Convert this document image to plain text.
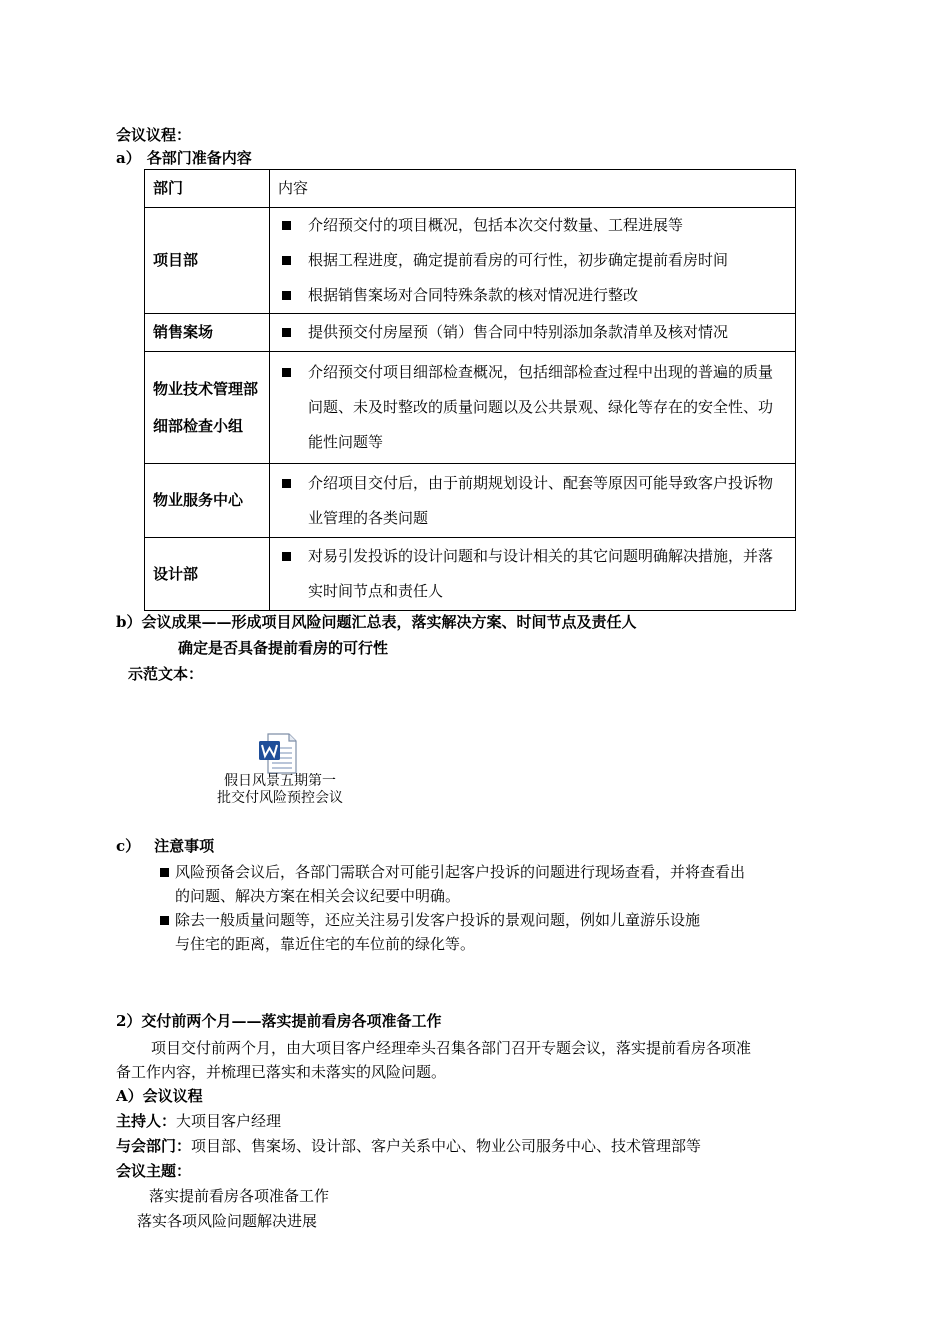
会议议程：
a） 各部门准备内容
部门	内容
项目部	介绍预交付的项目概况，包括本次交付数量、工程进展等
根据工程进度，确定提前看房的可行性，初步确定提前看房时间
根据销售案场对合同特殊条款的核对情况进行整改

销售案场	提供预交付房屋预（销）售合同中特别添加条款清单及核对情况

物业技术管理部细部检查小组	介绍预交付项目细部检查概况，包括细部检查过程中出现的普遍的质量问题、未及时整改的质量问题以及公共景观、绿化等存在的安全性、功能性问题等

物业服务中心	介绍项目交付后，由于前期规划设计、配套等原因可能导致客户投诉物业管理的各类问题

设计部	对易引发投诉的设计问题和与设计相关的其它问题明确解决措施，并落实时间节点和责任人
b）会议成果——形成项目风险问题汇总表，落实解决方案、时间节点及责任人
确定是否具备提前看房的可行性
示范文本：
假日风景五期第一
批交付风险预控会议
c） 注意事项
风险预备会议后，各部门需联合对可能引起客户投诉的问题进行现场查看，并将查看出
的问题、解决方案在相关会议纪要中明确。
除去一般质量问题等，还应关注易引发客户投诉的景观问题，例如儿童游乐设施
与住宅的距离，靠近住宅的车位前的绿化等。
2）交付前两个月——落实提前看房各项准备工作
项目交付前两个月，由大项目客户经理牵头召集各部门召开专题会议，落实提前看房各项准
备工作内容，并梳理已落实和未落实的风险问题。
A）会议议程
主持人：大项目客户经理
与会部门：项目部、售案场、设计部、客户关系中心、物业公司服务中心、技术管理部等
会议主题：
落实提前看房各项准备工作
落实各项风险问题解决进展
